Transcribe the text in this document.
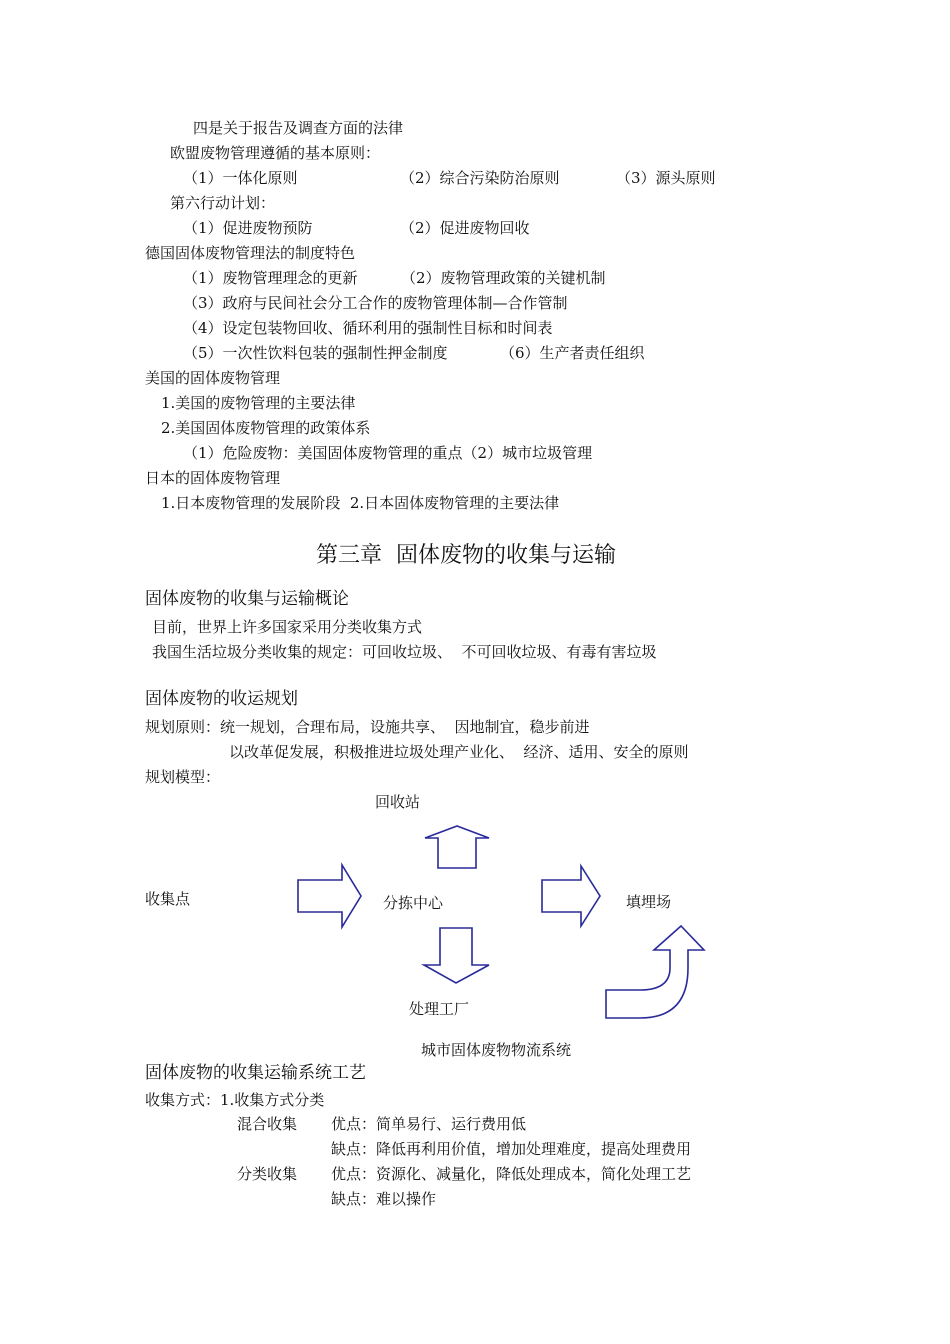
四是关于报告及调查方面的法律
欧盟废物管理遵循的基本原则：
（1）一体化原则	（2）综合污染防治原则	（3）源头原则
第六行动计划：
（1）促进废物预防	（2）促进废物回收
德国固体废物管理法的制度特色
（1）废物管理理念的更新	（2）废物管理政策的关键机制
（3）政府与民间社会分工合作的废物管理体制—合作管制
（4）设定包装物回收、循环利用的强制性目标和时间表
（5）一次性饮料包装的强制性押金制度	（6）生产者责任组织
美国的固体废物管理
1.美国的废物管理的主要法律
2.美国固体废物管理的政策体系
（1）危险废物：美国固体废物管理的重点（2）城市垃圾管理
日本的固体废物管理
1.日本废物管理的发展阶段  2.日本固体废物管理的主要法律
第三章  固体废物的收集与运输
固体废物的收集与运输概论
目前，世界上许多国家采用分类收集方式
我国生活垃圾分类收集的规定：可回收垃圾、  不可回收垃圾、有毒有害垃圾
固体废物的收运规划
规划原则：统一规划，合理布局，设施共享、  因地制宜，稳步前进
以改革促发展，积极推进垃圾处理产业化、  经济、适用、安全的原则
规划模型：
回收站
收集点	分拣中心	填埋场
处理工厂
城市固体废物物流系统
固体废物的收集运输系统工艺
收集方式：1.收集方式分类
混合收集 优点：简单易行、运行费用低
缺点：降低再利用价值，增加处理难度，提高处理费用
分类收集 优点：资源化、减量化，降低处理成本，简化处理工艺
缺点：难以操作
